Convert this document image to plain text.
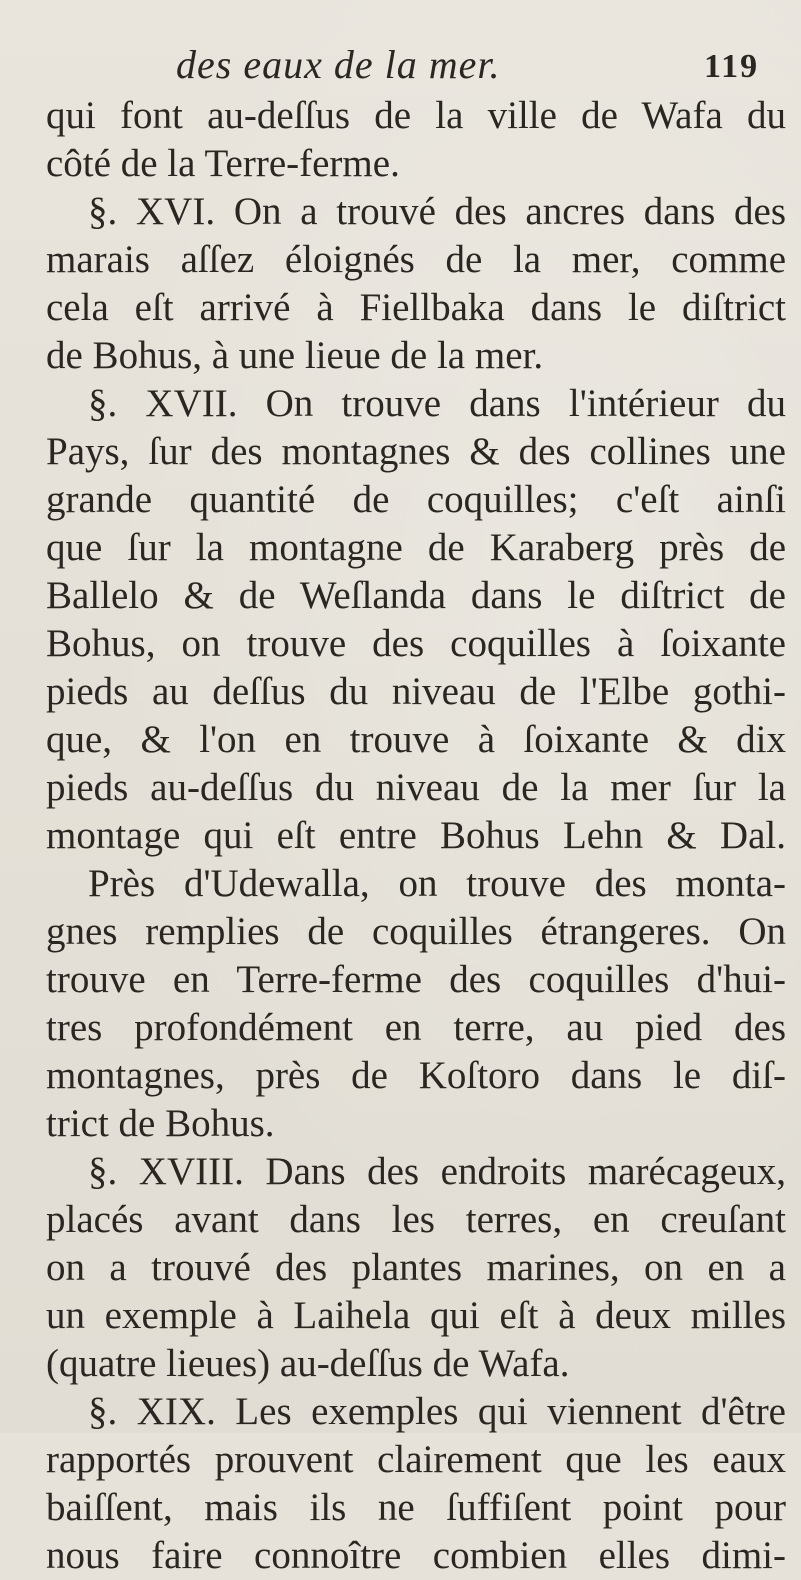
des eaux de la mer.	119
qui font au-deſſus de la ville de Wafa du
côté de la Terre-ferme.
§. XVI. On a trouvé des ancres dans des
marais aſſez éloignés de la mer, comme
cela eſt arrivé à Fiellbaka dans le diſtrict
de Bohus, à une lieue de la mer.
§. XVII. On trouve dans l'intérieur du
Pays, ſur des montagnes & des collines une
grande quantité de coquilles; c'eſt ainſi
que ſur la montagne de Karaberg près de
Ballelo & de Weſlanda dans le diſtrict de
Bohus, on trouve des coquilles à ſoixante
pieds au deſſus du niveau de l'Elbe gothi-
que, & l'on en trouve à ſoixante & dix
pieds au-deſſus du niveau de la mer ſur la
montage qui eſt entre Bohus Lehn & Dal.
Près d'Udewalla, on trouve des monta-
gnes remplies de coquilles étrangeres. On
trouve en Terre-ferme des coquilles d'hui-
tres profondément en terre, au pied des
montagnes, près de Koſtoro dans le diſ-
trict de Bohus.
§. XVIII. Dans des endroits marécageux,
placés avant dans les terres, en creuſant
on a trouvé des plantes marines, on en a
un exemple à Laihela qui eſt à deux milles
(quatre lieues) au-deſſus de Wafa.
§. XIX. Les exemples qui viennent d'être
rapportés prouvent clairement que les eaux
baiſſent, mais ils ne ſuffiſent point pour
nous faire connoître combien elles dimi-
